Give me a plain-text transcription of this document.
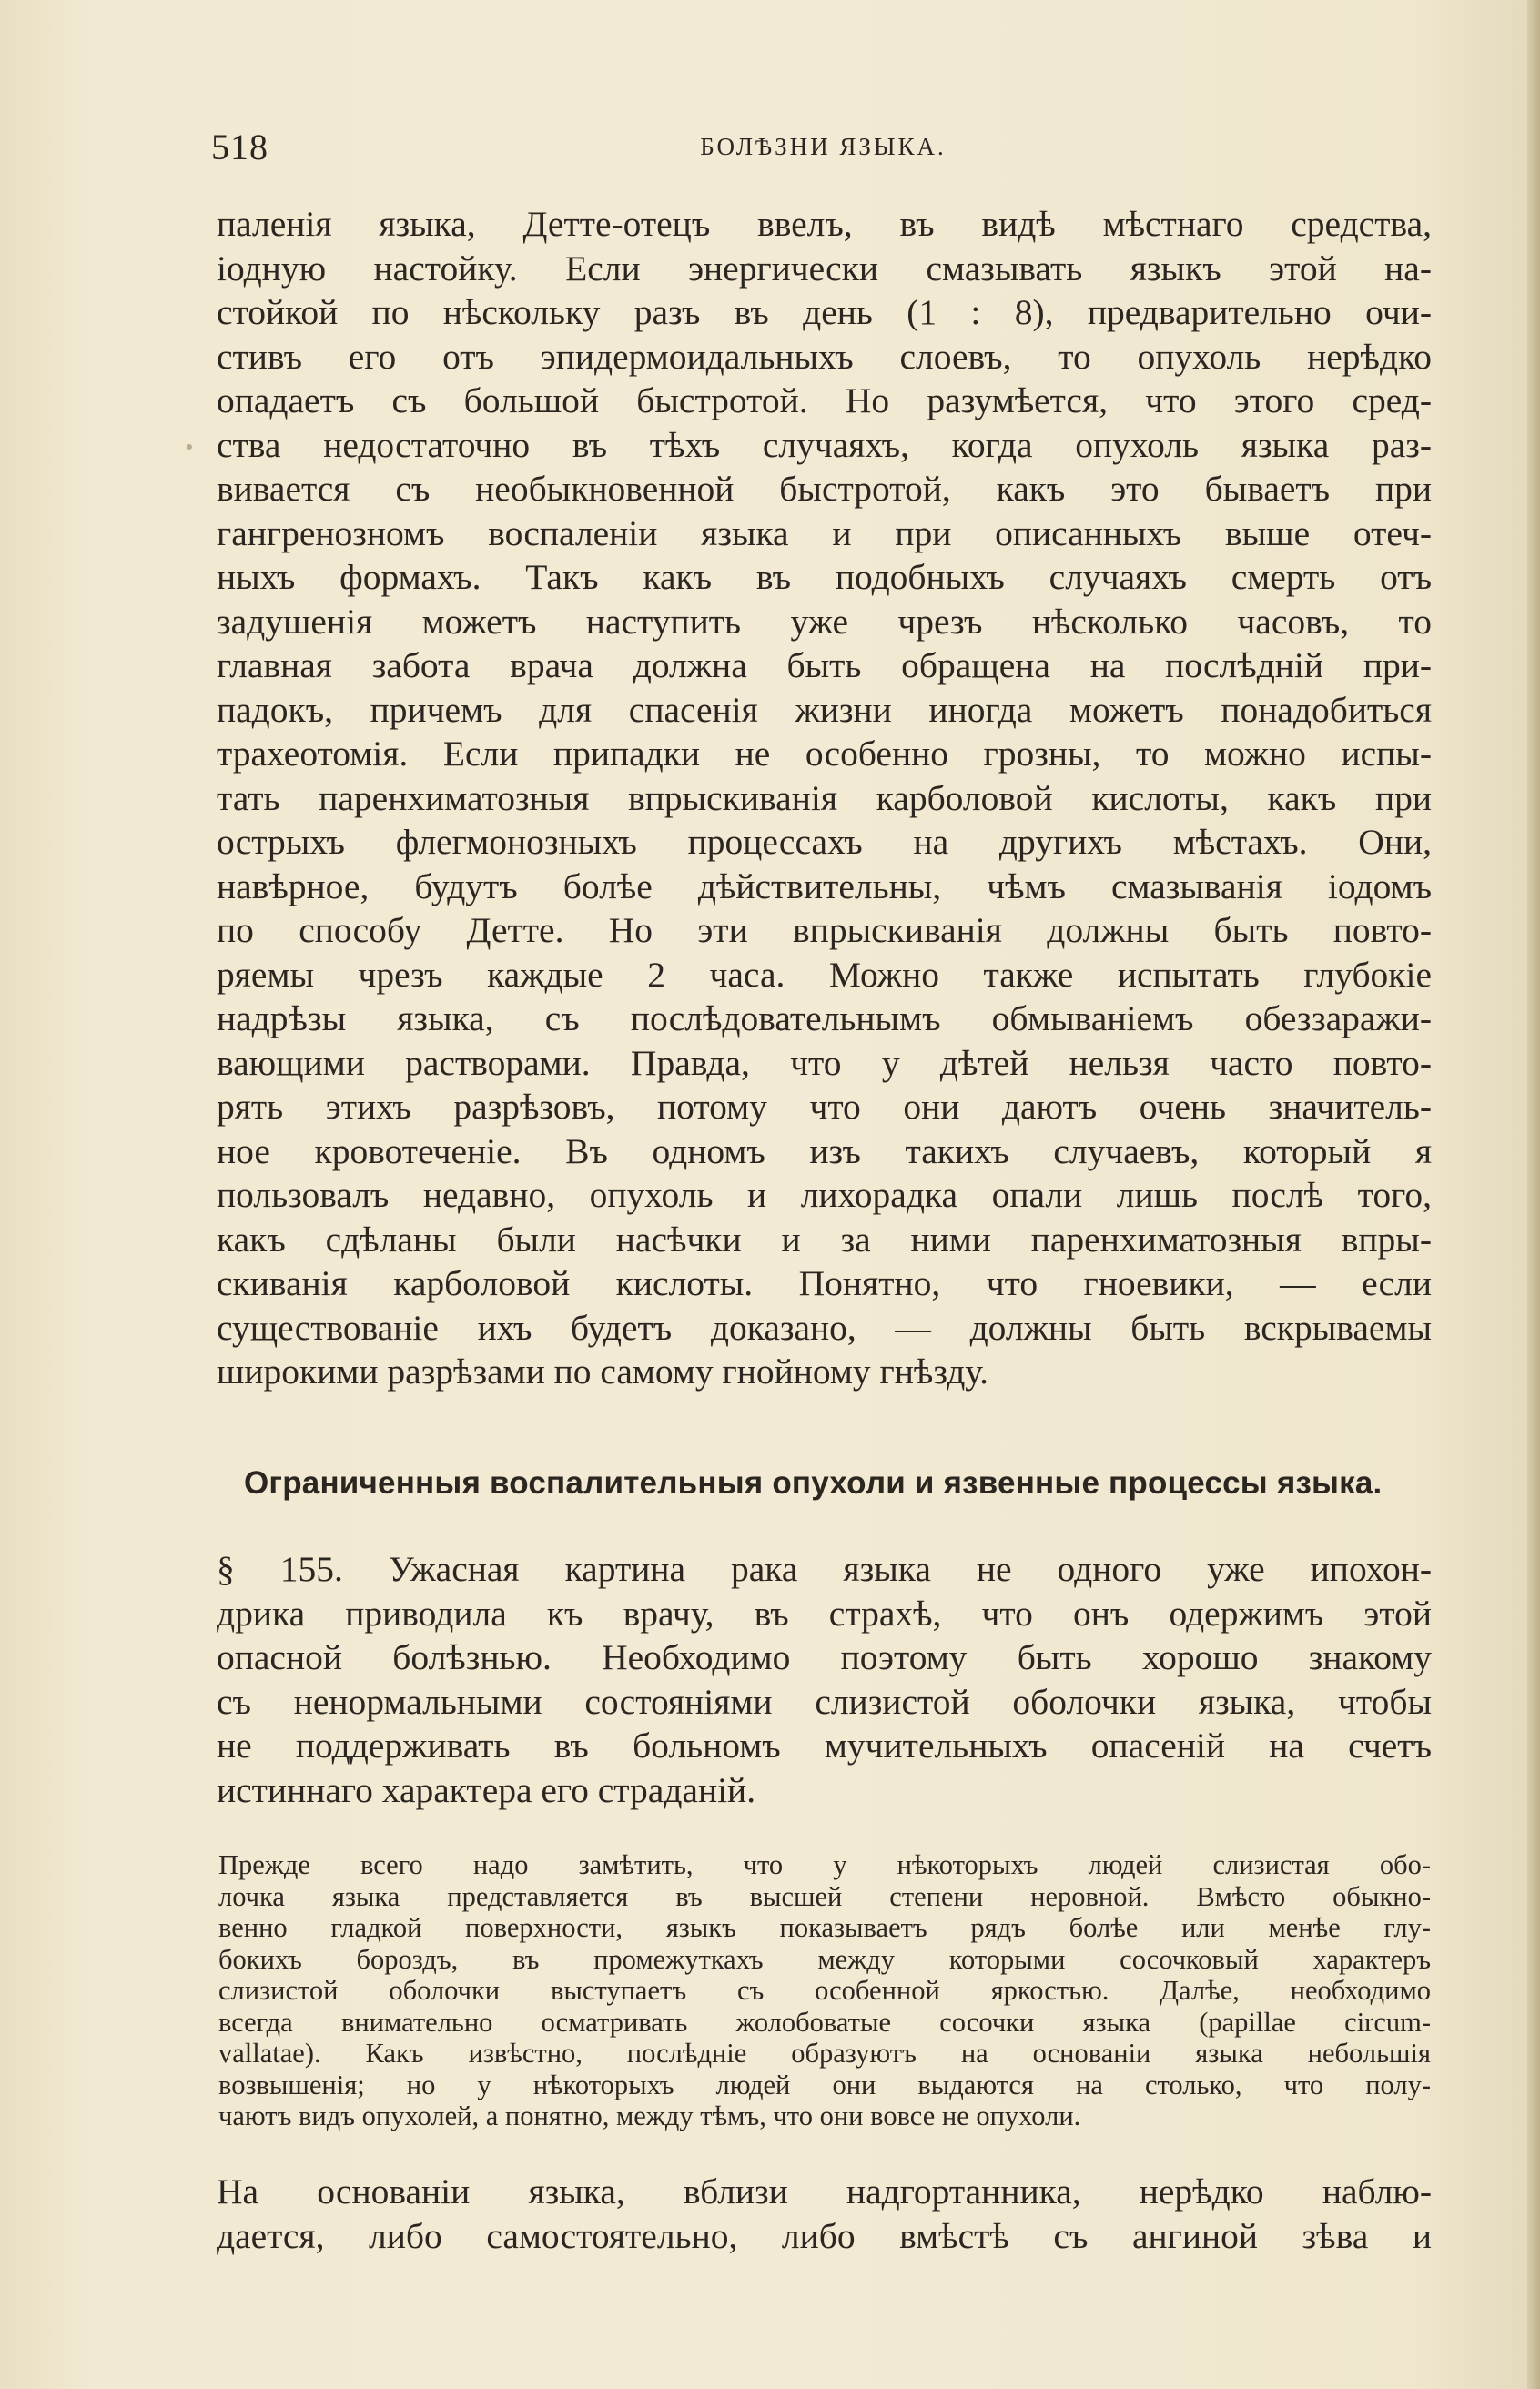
518	БОЛѢЗНИ ЯЗЫКА.
паленія языка, Детте-отецъ ввелъ, въ видѣ мѣстнаго средства,
іодную настойку. Если энергически смазывать языкъ этой на-
стойкой по нѣскольку разъ въ день (1 : 8), предварительно очи-
стивъ его отъ эпидермоидальныхъ слоевъ, то опухоль нерѣдко
опадаетъ съ большой быстротой. Но разумѣется, что этого сред-
ства недостаточно въ тѣхъ случаяхъ, когда опухоль языка раз-
вивается съ необыкновенной быстротой, какъ это бываетъ при
гангренозномъ воспаленіи языка и при описанныхъ выше отеч-
ныхъ формахъ. Такъ какъ въ подобныхъ случаяхъ смерть отъ
задушенія можетъ наступить уже чрезъ нѣсколько часовъ, то
главная забота врача должна быть обращена на послѣдній при-
падокъ, причемъ для спасенія жизни иногда можетъ понадобиться
трахеотомія. Если припадки не особенно грозны, то можно испы-
тать паренхиматозныя впрыскиванія карболовой кислоты, какъ при
острыхъ флегмонозныхъ процессахъ на другихъ мѣстахъ. Они,
навѣрное, будутъ болѣе дѣйствительны, чѣмъ смазыванія іодомъ
по способу Детте. Но эти впрыскиванія должны быть повто-
ряемы чрезъ каждые 2 часа. Можно также испытать глубокіе
надрѣзы языка, съ послѣдовательнымъ обмываніемъ обеззаражи-
вающими растворами. Правда, что у дѣтей нельзя часто повто-
рять этихъ разрѣзовъ, потому что они даютъ очень значитель-
ное кровотеченіе. Въ одномъ изъ такихъ случаевъ, который я
пользовалъ недавно, опухоль и лихорадка опали лишь послѣ того,
какъ сдѣланы были насѣчки и за ними паренхиматозныя впры-
скиванія карболовой кислоты. Понятно, что гноевики, — если
существованіе ихъ будетъ доказано, — должны быть вскрываемы
широкими разрѣзами по самому гнойному гнѣзду.
Ограниченныя воспалительныя опухоли и язвенные процессы языка.
§ 155. Ужасная картина рака языка не одного уже ипохон-
дрика приводила къ врачу, въ страхѣ, что онъ одержимъ этой
опасной болѣзнью. Необходимо поэтому быть хорошо знакому
съ ненормальными состояніями слизистой оболочки языка, чтобы
не поддерживать въ больномъ мучительныхъ опасеній на счетъ
истиннаго характера его страданій.
Прежде всего надо замѣтить, что у нѣкоторыхъ людей слизистая обо-
лочка языка представляется въ высшей степени неровной. Вмѣсто обыкно-
венно гладкой поверхности, языкъ показываетъ рядъ болѣе или менѣе глу-
бокихъ бороздъ, въ промежуткахъ между которыми сосочковый характеръ
слизистой оболочки выступаетъ съ особенной яркостью. Далѣе, необходимо
всегда внимательно осматривать жолобоватые сосочки языка (papillae circum-
vallatae). Какъ извѣстно, послѣдніе образуютъ на основаніи языка небольшія
возвышенія; но у нѣкоторыхъ людей они выдаются на столько, что полу-
чаютъ видъ опухолей, а понятно, между тѣмъ, что они вовсе не опухоли.
На основаніи языка, вблизи надгортанника, нерѣдко наблю-
дается, либо самостоятельно, либо вмѣстѣ съ ангиной зѣва и
